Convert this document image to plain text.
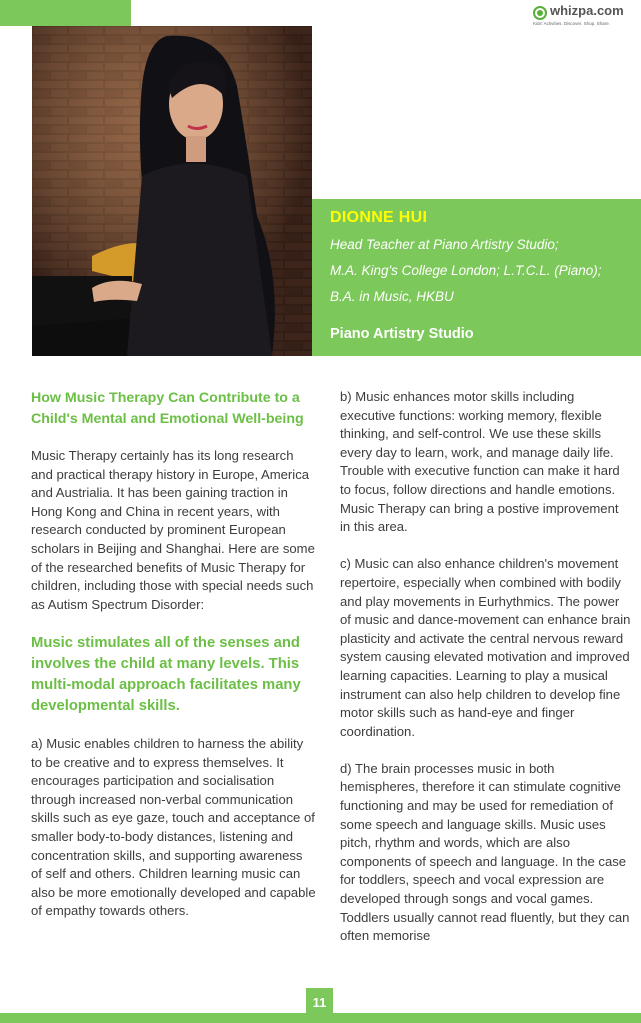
whizpa.com
Kids' Activities. Discover. Shop. Share.
DIONNE HUI
Head Teacher at Piano Artistry Studio;
M.A. King's College London; L.T.C.L. (Piano);
B.A. in Music, HKBU
Piano Artistry Studio
How Music Therapy Can Contribute to a Child's Mental and Emotional Well-being

Music Therapy certainly has its long research and practical therapy history in Europe, America and Austrialia. It has been gaining traction in Hong Kong and China in recent years, with research conducted by prominent European scholars in Beijing and Shanghai. Here are some of the researched benefits of Music Therapy for children, including those with special needs such as Autism Spectrum Disorder:

Music stimulates all of the senses and involves the child at many levels. This multi-modal approach facilitates many developmental skills.

a) Music enables children to harness the ability to be creative and to express themselves. It encourages participation and socialisation through increased non-verbal communication skills such as eye gaze, touch and acceptance of smaller body-to-body distances, listening and concentration skills, and supporting awareness of self and others. Children learning music can also be more emotionally developed and capable of empathy towards others.

b) Music enhances motor skills including executive functions: working memory, flexible thinking, and self-control. We use these skills every day to learn, work, and manage daily life. Trouble with executive function can make it hard to focus, follow directions and handle emotions. Music Therapy can bring a postive improvement in this area.

c) Music can also enhance children's movement repertoire, especially when combined with bodily and play movements in Eurhythmics. The power of music and dance-movement can enhance brain plasticity and activate the central nervous reward system causing elevated motivation and improved learning capacities. Learning to play a musical instrument can also help children to develop fine motor skills such as hand-eye and finger coordination.

d) The brain processes music in both hemispheres, therefore it can stimulate cognitive functioning and may be used for remediation of some speech and language skills. Music uses pitch, rhythm and words, which are also components of speech and language. In the case for toddlers, speech and vocal expression are developed through songs and vocal games. Toddlers usually cannot read fluently, but they can often memorise

11
